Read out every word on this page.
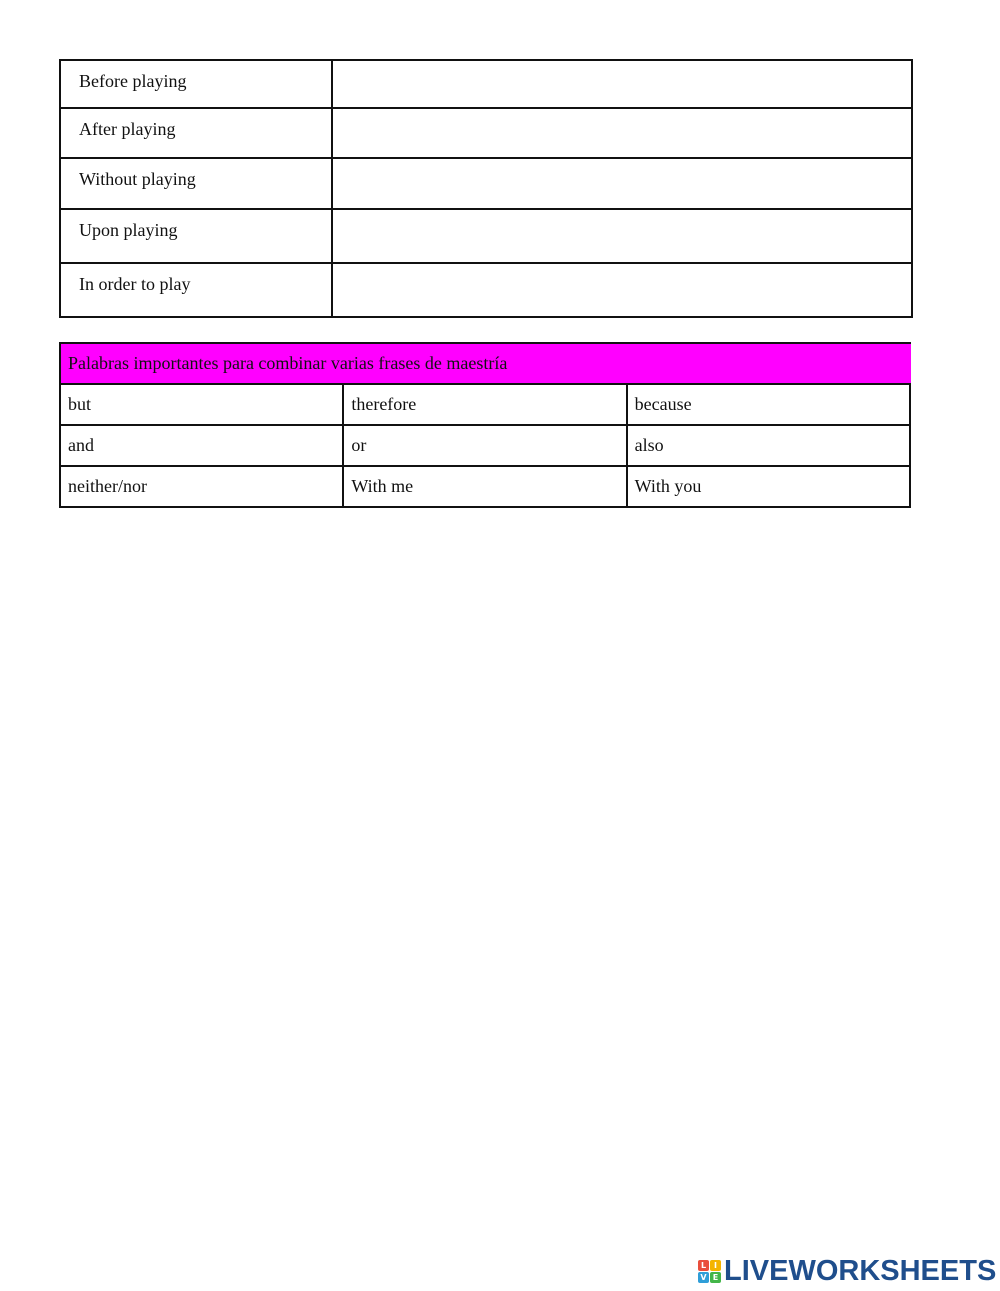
Before playing	

After playing	

Without playing	

Upon playing	

In order to play	

Palabras importantes para combinar varias frases de maestría		
but	therefore	because
and	or	also
neither/nor	With me	With you
L I
V E LIVEWORKSHEETS
